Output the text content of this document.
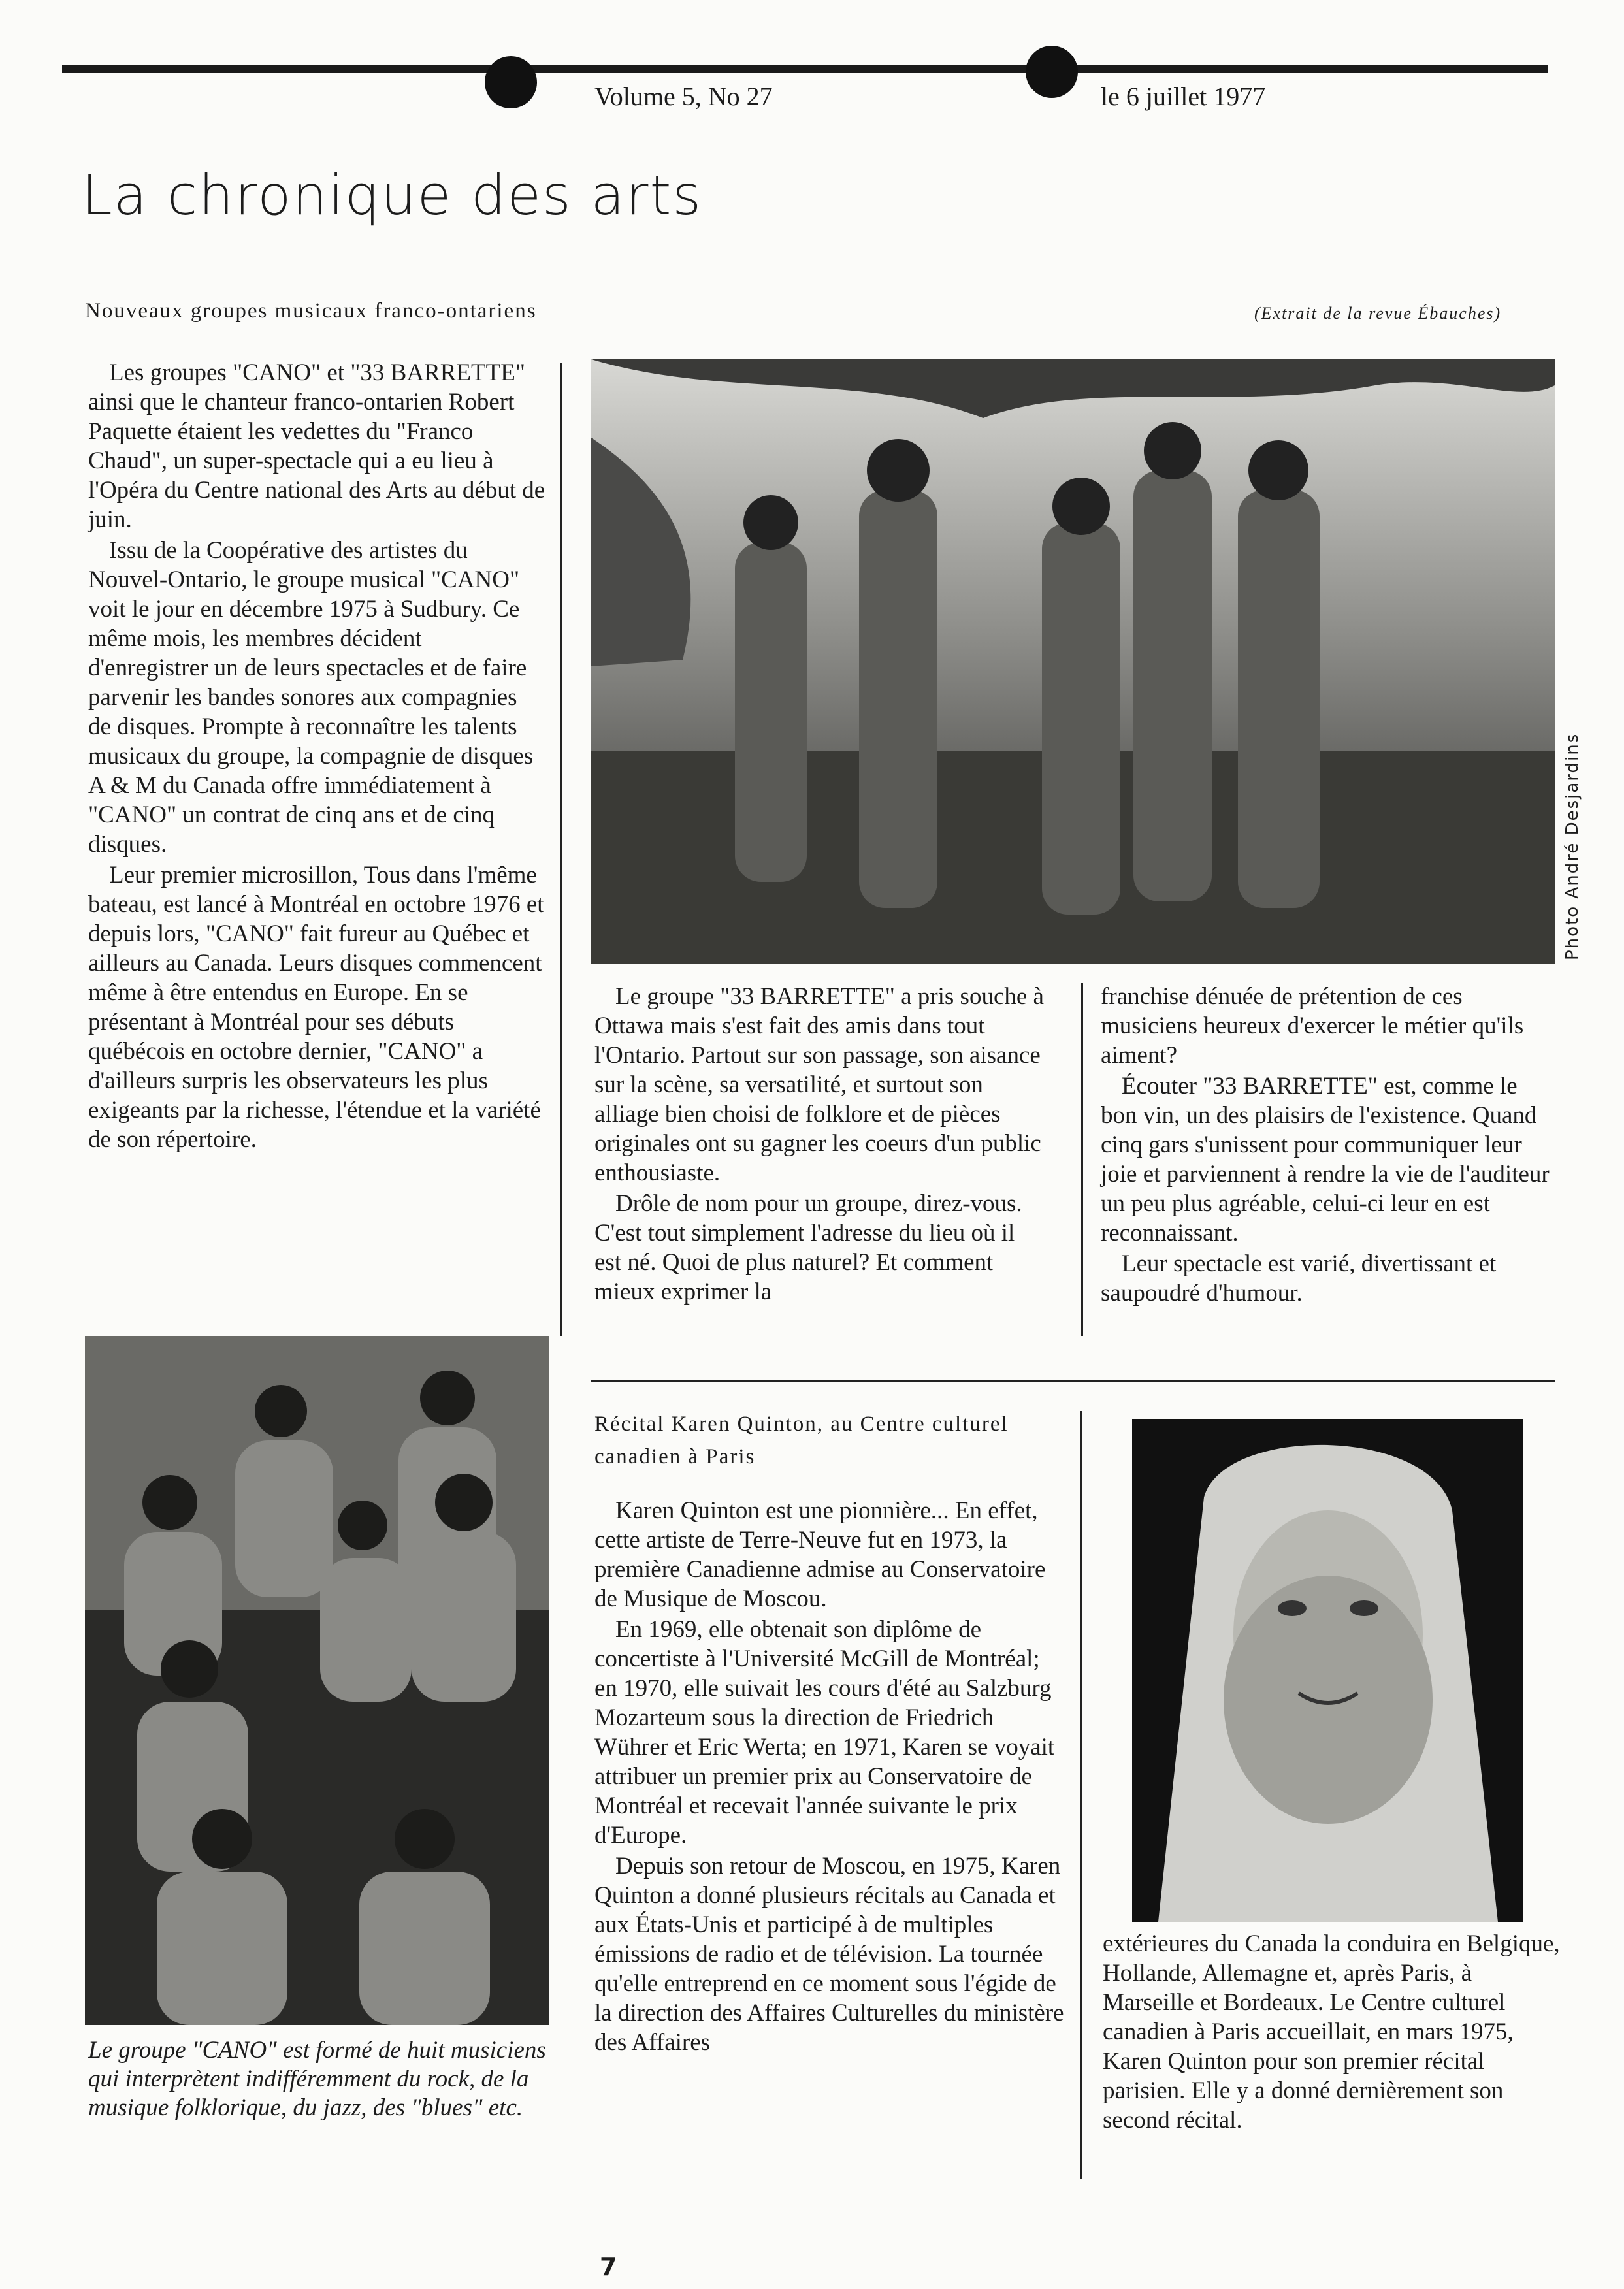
Volume 5, No 27	le 6 juillet 1977
La chronique des arts
Nouveaux groupes musicaux franco-ontariens	(Extrait de la revue Ébauches)

Les groupes "CANO" et "33 BARRETTE" ainsi que le chanteur franco-ontarien Robert Paquette étaient les vedettes du "Franco Chaud", un super-spectacle qui a eu lieu à l'Opéra du Centre national des Arts au début de juin.

Issu de la Coopérative des artistes du Nouvel-Ontario, le groupe musical "CANO" voit le jour en décembre 1975 à Sudbury. Ce même mois, les membres décident d'enregistrer un de leurs spectacles et de faire parvenir les bandes sonores aux compagnies de disques. Prompte à reconnaître les talents musicaux du groupe, la compagnie de disques A & M du Canada offre immédiatement à "CANO" un contrat de cinq ans et de cinq disques.

Leur premier microsillon, Tous dans l'même bateau, est lancé à Montréal en octobre 1976 et depuis lors, "CANO" fait fureur au Québec et ailleurs au Canada. Leurs disques commencent même à être entendus en Europe. En se présentant à Montréal pour ses débuts québécois en octobre dernier, "CANO" a d'ailleurs surpris les observateurs les plus exigeants par la richesse, l'étendue et la variété de son répertoire.

Photo André Desjardins

Le groupe "33 BARRETTE" a pris souche à Ottawa mais s'est fait des amis dans tout l'Ontario. Partout sur son passage, son aisance sur la scène, sa versatilité, et surtout son alliage bien choisi de folklore et de pièces originales ont su gagner les coeurs d'un public enthousiaste.

Drôle de nom pour un groupe, direz-vous. C'est tout simplement l'adresse du lieu où il est né. Quoi de plus naturel? Et comment mieux exprimer la

franchise dénuée de prétention de ces musiciens heureux d'exercer le métier qu'ils aiment?

Écouter "33 BARRETTE" est, comme le bon vin, un des plaisirs de l'existence. Quand cinq gars s'unissent pour communiquer leur joie et parviennent à rendre la vie de l'auditeur un peu plus agréable, celui-ci leur en est reconnaissant.

Leur spectacle est varié, divertissant et saupoudré d'humour.

Le groupe "CANO" est formé de huit musiciens qui interprètent indifféremment du rock, de la musique folklorique, du jazz, des "blues" etc.
Récital Karen Quinton, au Centre culturel canadien à Paris

Karen Quinton est une pionnière... En effet, cette artiste de Terre-Neuve fut en 1973, la première Canadienne admise au Conservatoire de Musique de Moscou.

En 1969, elle obtenait son diplôme de concertiste à l'Université McGill de Montréal; en 1970, elle suivait les cours d'été au Salzburg Mozarteum sous la direction de Friedrich Wührer et Eric Werta; en 1971, Karen se voyait attribuer un premier prix au Conservatoire de Montréal et recevait l'année suivante le prix d'Europe.

Depuis son retour de Moscou, en 1975, Karen Quinton a donné plusieurs récitals au Canada et aux États-Unis et participé à de multiples émissions de radio et de télévision. La tournée qu'elle entreprend en ce moment sous l'égide de la direction des Affaires Culturelles du ministère des Affaires

extérieures du Canada la conduira en Belgique, Hollande, Allemagne et, après Paris, à Marseille et Bordeaux. Le Centre culturel canadien à Paris accueillait, en mars 1975, Karen Quinton pour son premier récital parisien. Elle y a donné dernièrement son second récital.

7
